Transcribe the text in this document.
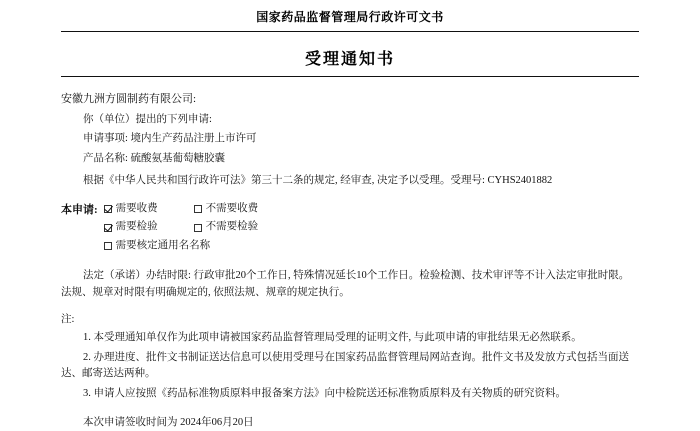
国家药品监督管理局行政许可文书
受理通知书
安徽九洲方圆制药有限公司:
你（单位）提出的下列申请:
申请事项: 境内生产药品注册上市许可
产品名称: 硫酸氨基葡萄糖胶囊
根据《中华人民共和国行政许可法》第三十二条的规定, 经审查, 决定予以受理。受理号: CYHS2401882
本申请: 需要收费	不需要收费
需要检验	不需要检验
需要核定通用名名称
法定（承诺）办结时限: 行政审批20个工作日, 特殊情况延长10个工作日。检验检测、技术审评等不计入法定审批时限。法规、规章对时限有明确规定的, 依照法规、规章的规定执行。
注:
1. 本受理通知单仅作为此项申请被国家药品监督管理局受理的证明文件, 与此项申请的审批结果无必然联系。
2. 办理进度、批件文书制证送达信息可以使用受理号在国家药品监督管理局网站查询。批件文书及发放方式包括当面送达、邮寄送达两种。
3. 申请人应按照《药品标准物质原料申报备案方法》向中检院送还标准物质原料及有关物质的研究资料。
本次申请签收时间为 2024年06月20日
